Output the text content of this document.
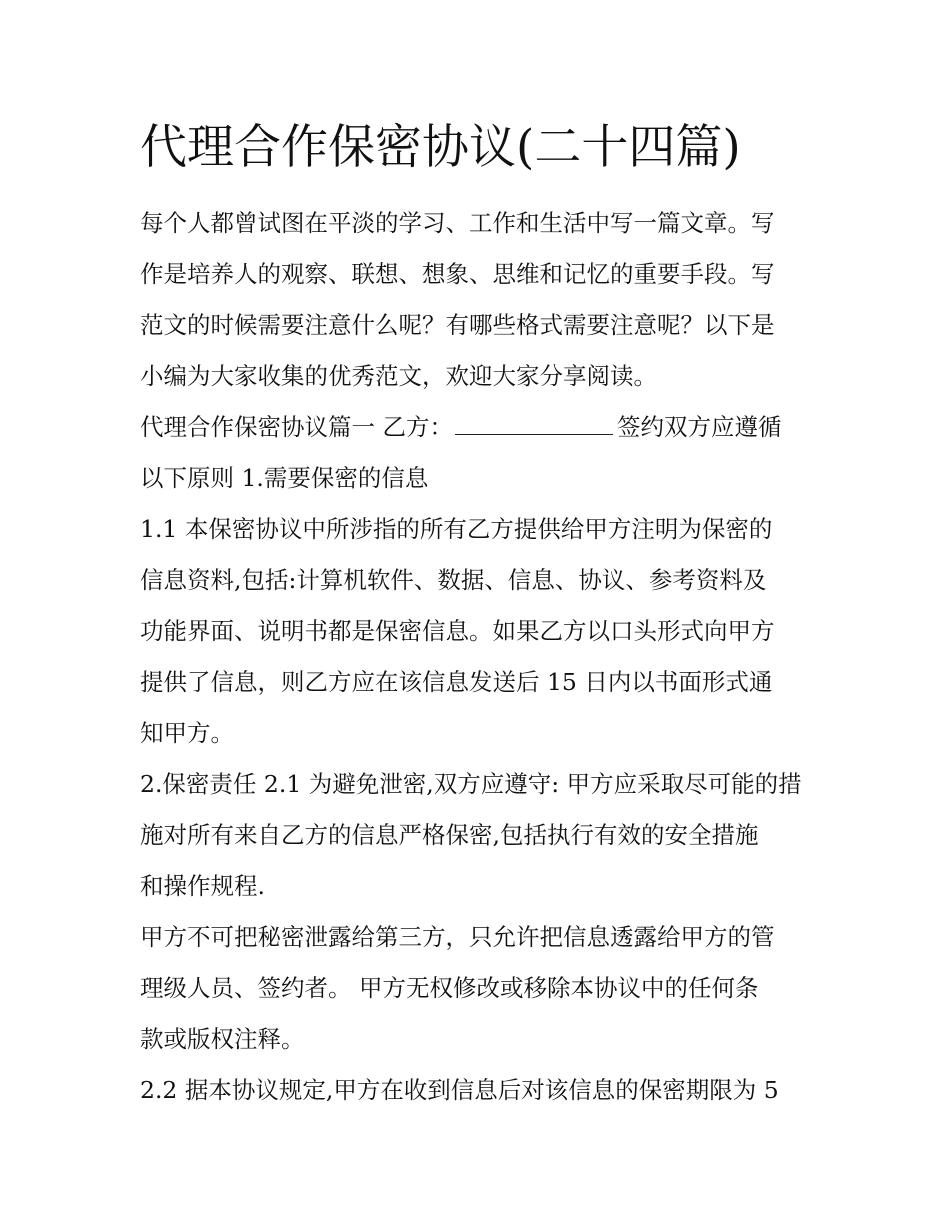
代理合作保密协议(二十四篇)
每个人都曾试图在平淡的学习、工作和生活中写一篇文章。写
作是培养人的观察、联想、想象、思维和记忆的重要手段。写
范文的时候需要注意什么呢？有哪些格式需要注意呢？以下是
小编为大家收集的优秀范文，欢迎大家分享阅读。
代理合作保密协议篇一 乙方：	签约双方应遵循
以下原则 1.需要保密的信息
1.1 本保密协议中所涉指的所有乙方提供给甲方注明为保密的
信息资料,包括:计算机软件、数据、信息、协议、参考资料及
功能界面、说明书都是保密信息。如果乙方以口头形式向甲方
提供了信息，则乙方应在该信息发送后 15 日内以书面形式通
知甲方。
2.保密责任 2.1 为避免泄密,双方应遵守: 甲方应采取尽可能的措
施对所有来自乙方的信息严格保密,包括执行有效的安全措施
和操作规程.
甲方不可把秘密泄露给第三方，只允许把信息透露给甲方的管
理级人员、签约者。 甲方无权修改或移除本协议中的任何条
款或版权注释。
2.2 据本协议规定,甲方在收到信息后对该信息的保密期限为 5
